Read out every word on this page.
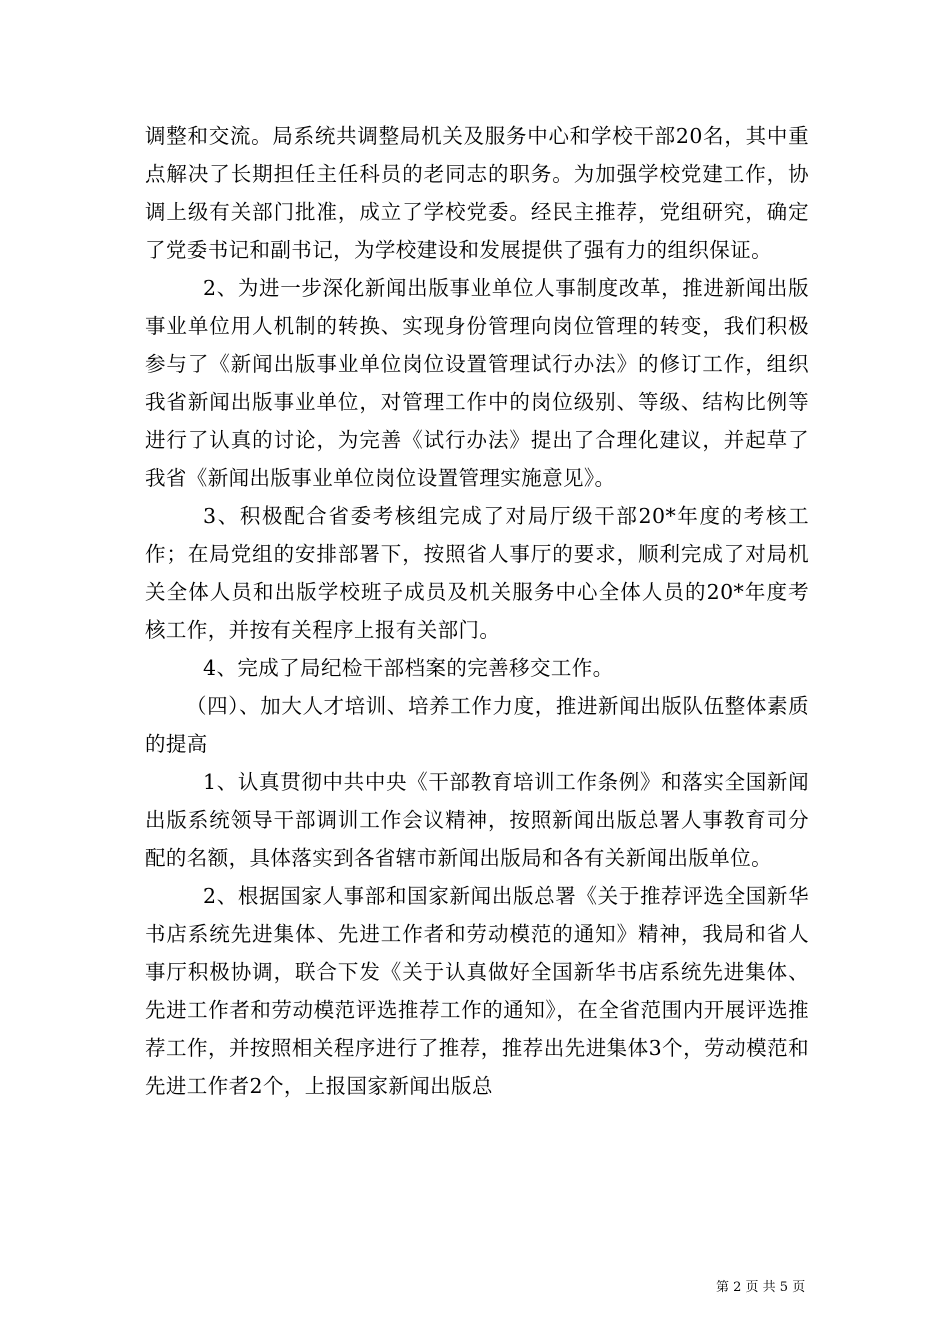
调整和交流。局系统共调整局机关及服务中心和学校干部20名，其中重点解决了长期担任主任科员的老同志的职务。为加强学校党建工作，协调上级有关部门批准，成立了学校党委。经民主推荐，党组研究，确定了党委书记和副书记，为学校建设和发展提供了强有力的组织保证。

2、为进一步深化新闻出版事业单位人事制度改革，推进新闻出版事业单位用人机制的转换、实现身份管理向岗位管理的转变，我们积极参与了《新闻出版事业单位岗位设置管理试行办法》的修订工作，组织我省新闻出版事业单位，对管理工作中的岗位级别、等级、结构比例等进行了认真的讨论，为完善《试行办法》提出了合理化建议，并起草了我省《新闻出版事业单位岗位设置管理实施意见》。

3、积极配合省委考核组完成了对局厅级干部20*年度的考核工作；在局党组的安排部署下，按照省人事厅的要求，顺利完成了对局机关全体人员和出版学校班子成员及机关服务中心全体人员的20*年度考核工作，并按有关程序上报有关部门。

4、完成了局纪检干部档案的完善移交工作。

（四）、加大人才培训、培养工作力度，推进新闻出版队伍整体素质的提高

1、认真贯彻中共中央《干部教育培训工作条例》和落实全国新闻出版系统领导干部调训工作会议精神，按照新闻出版总署人事教育司分配的名额，具体落实到各省辖市新闻出版局和各有关新闻出版单位。

2、根据国家人事部和国家新闻出版总署《关于推荐评选全国新华书店系统先进集体、先进工作者和劳动模范的通知》精神，我局和省人事厅积极协调，联合下发《关于认真做好全国新华书店系统先进集体、先进工作者和劳动模范评选推荐工作的通知》，在全省范围内开展评选推荐工作，并按照相关程序进行了推荐，推荐出先进集体3个，劳动模范和先进工作者2个，上报国家新闻出版总

第 2 页 共 5 页
